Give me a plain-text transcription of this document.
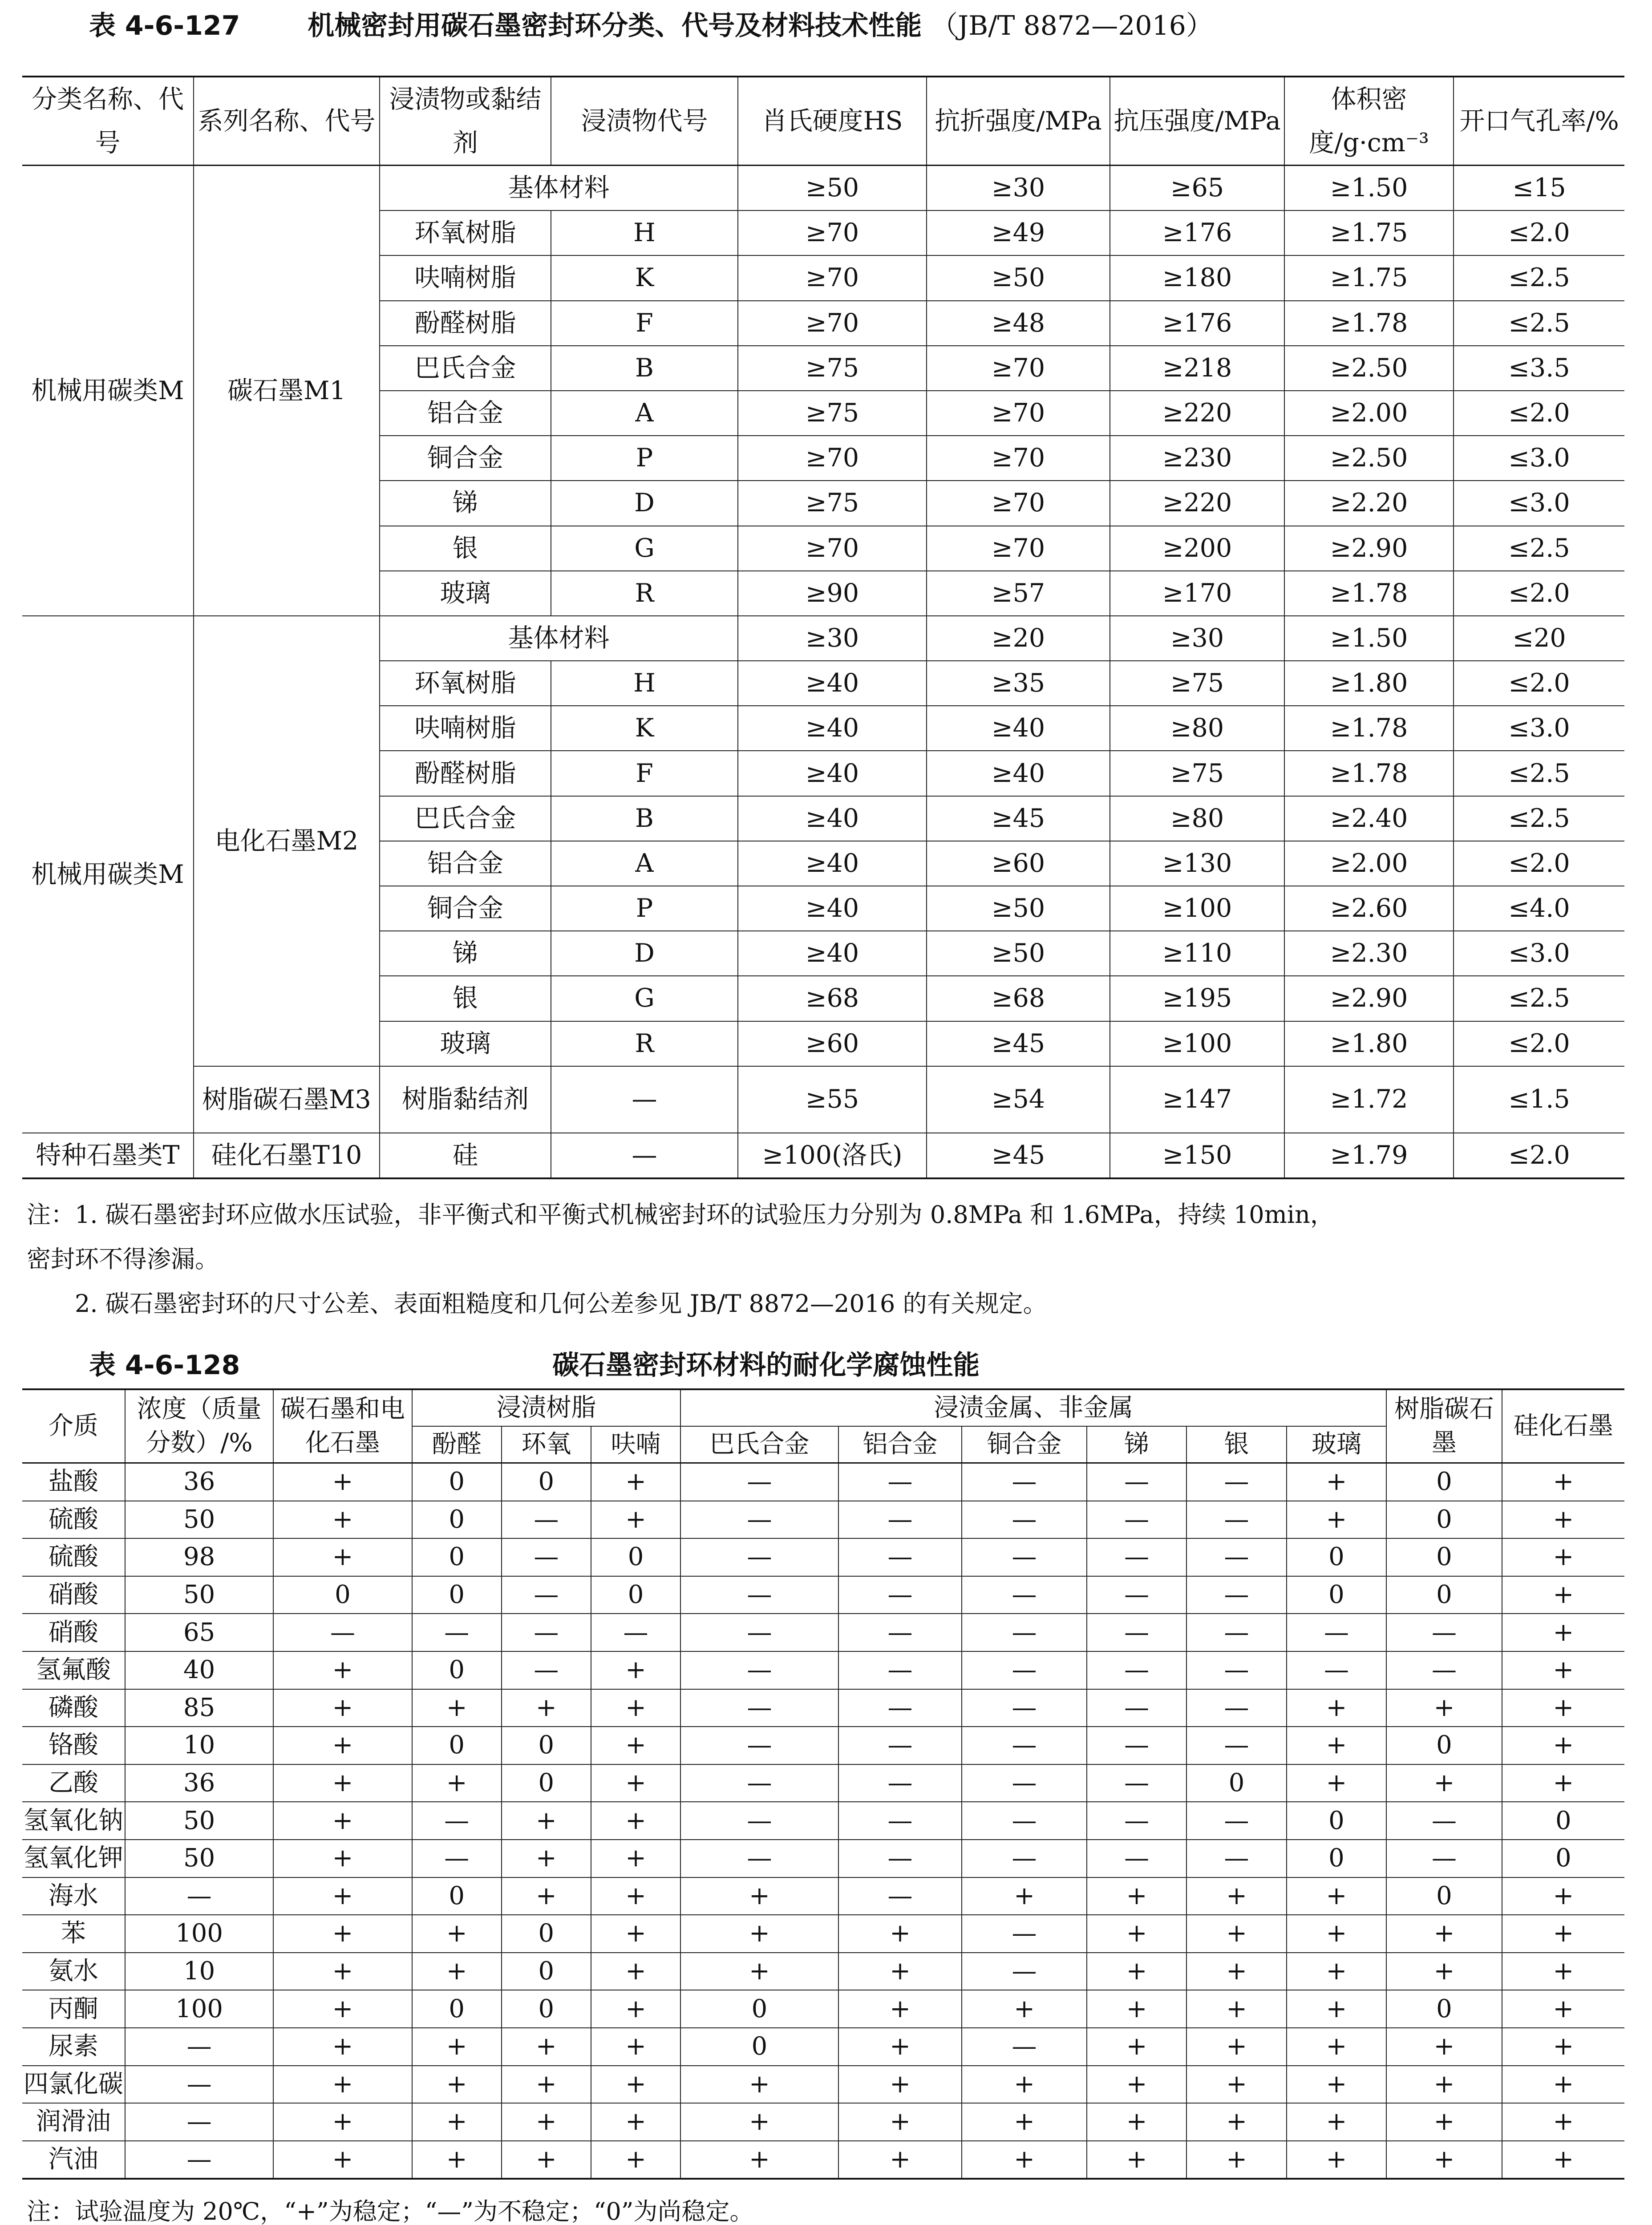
表 4-6-127	机械密封用碳石墨密封环分类、代号及材料技术性能 （JB/T 8872—2016）
分类名称、代号	系列名称、代号	浸渍物或黏结剂	浸渍物代号	肖氏硬度HS	抗折强度/MPa	抗压强度/MPa	体积密度/g·cm⁻³	开口气孔率/%
机械用碳类M	碳石墨M1	基体材料		≥50	≥30	≥65	≥1.50	≤15
		环氧树脂	H	≥70	≥49	≥176	≥1.75	≤2.0
		呋喃树脂	K	≥70	≥50	≥180	≥1.75	≤2.5
		酚醛树脂	F	≥70	≥48	≥176	≥1.78	≤2.5
		巴氏合金	B	≥75	≥70	≥218	≥2.50	≤3.5
		铝合金	A	≥75	≥70	≥220	≥2.00	≤2.0
		铜合金	P	≥70	≥70	≥230	≥2.50	≤3.0
		锑	D	≥75	≥70	≥220	≥2.20	≤3.0
		银	G	≥70	≥70	≥200	≥2.90	≤2.5
		玻璃	R	≥90	≥57	≥170	≥1.78	≤2.0
机械用碳类M	电化石墨M2	基体材料		≥30	≥20	≥30	≥1.50	≤20
		环氧树脂	H	≥40	≥35	≥75	≥1.80	≤2.0
		呋喃树脂	K	≥40	≥40	≥80	≥1.78	≤3.0
		酚醛树脂	F	≥40	≥40	≥75	≥1.78	≤2.5
		巴氏合金	B	≥40	≥45	≥80	≥2.40	≤2.5
		铝合金	A	≥40	≥60	≥130	≥2.00	≤2.0
		铜合金	P	≥40	≥50	≥100	≥2.60	≤4.0
		锑	D	≥40	≥50	≥110	≥2.30	≤3.0
		银	G	≥68	≥68	≥195	≥2.90	≤2.5
		玻璃	R	≥60	≥45	≥100	≥1.80	≤2.0
	树脂碳石墨M3	树脂黏结剂	—	≥55	≥54	≥147	≥1.72	≤1.5
特种石墨类T	硅化石墨T10	硅	—	≥100(洛氏)	≥45	≥150	≥1.79	≤2.0
注：1. 碳石墨密封环应做水压试验，非平衡式和平衡式机械密封环的试验压力分别为 0.8MPa 和 1.6MPa，持续 10min，
密封环不得渗漏。
2. 碳石墨密封环的尺寸公差、表面粗糙度和几何公差参见 JB/T 8872—2016 的有关规定。
表 4-6-128	碳石墨密封环材料的耐化学腐蚀性能
介质	浓度（质量分数）/%	碳石墨和电化石墨	浸渍树脂			浸渍金属、非金属						树脂碳石墨	硅化石墨
			酚醛	环氧	呋喃	巴氏合金	铝合金	铜合金	锑	银	玻璃		
盐酸	36	+	0	0	+	—	—	—	—	—	+	0	+
硫酸	50	+	0	—	+	—	—	—	—	—	+	0	+
硫酸	98	+	0	—	0	—	—	—	—	—	0	0	+
硝酸	50	0	0	—	0	—	—	—	—	—	0	0	+
硝酸	65	—	—	—	—	—	—	—	—	—	—	—	+
氢氟酸	40	+	0	—	+	—	—	—	—	—	—	—	+
磷酸	85	+	+	+	+	—	—	—	—	—	+	+	+
铬酸	10	+	0	0	+	—	—	—	—	—	+	0	+
乙酸	36	+	+	0	+	—	—	—	—	0	+	+	+
氢氧化钠	50	+	—	+	+	—	—	—	—	—	0	—	0
氢氧化钾	50	+	—	+	+	—	—	—	—	—	0	—	0
海水	—	+	0	+	+	+	—	+	+	+	+	0	+
苯	100	+	+	0	+	+	+	—	+	+	+	+	+
氨水	10	+	+	0	+	+	+	—	+	+	+	+	+
丙酮	100	+	0	0	+	0	+	+	+	+	+	0	+
尿素	—	+	+	+	+	0	+	—	+	+	+	+	+
四氯化碳	—	+	+	+	+	+	+	+	+	+	+	+	+
润滑油	—	+	+	+	+	+	+	+	+	+	+	+	+
汽油	—	+	+	+	+	+	+	+	+	+	+	+	+
注：试验温度为 20℃，“+”为稳定；“—”为不稳定；“0”为尚稳定。
